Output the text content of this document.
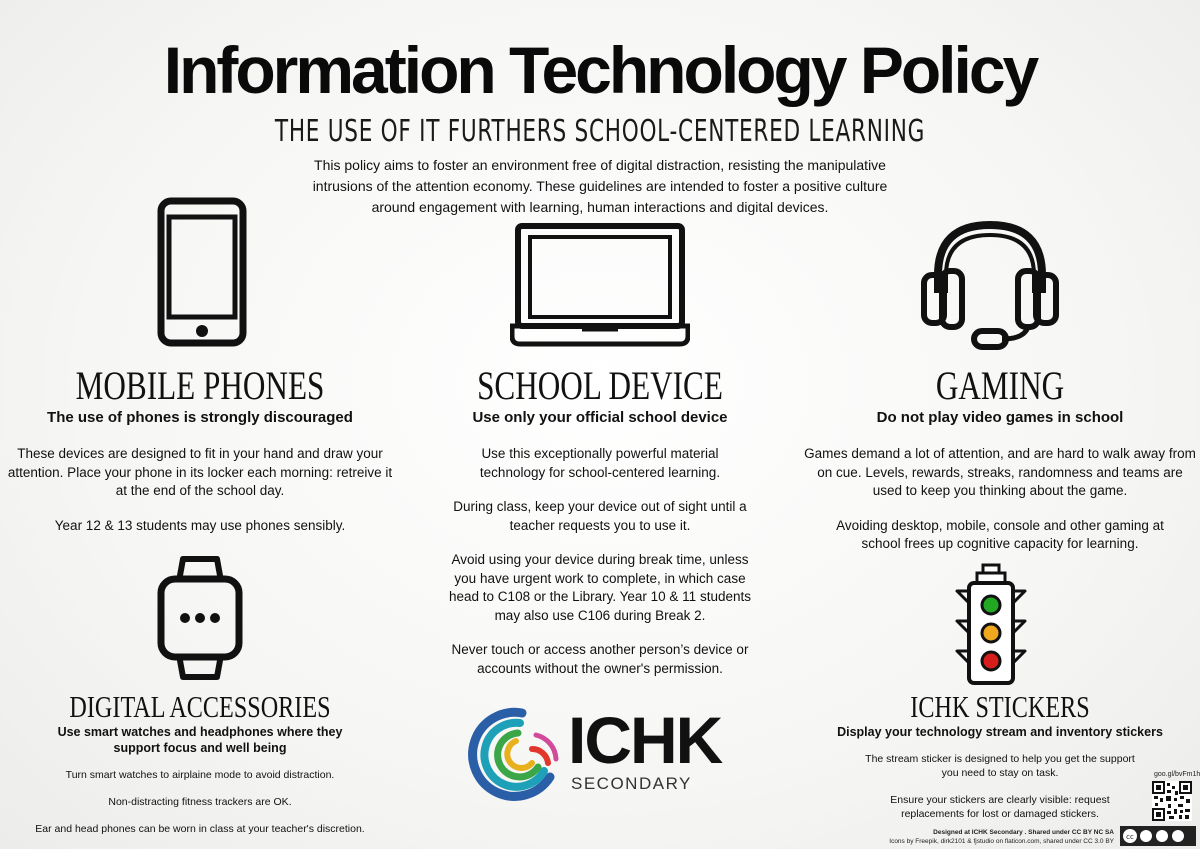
Information Technology Policy
THE USE OF IT FURTHERS SCHOOL-CENTERED LEARNING
This policy aims to foster an environment free of digital distraction, resisting the manipulative intrusions of the attention economy. These guidelines are intended to foster a positive culture around engagement with learning, human interactions and digital devices.
MOBILE PHONES
The use of phones is strongly discouraged

These devices are designed to fit in your hand and draw your attention. Place your phone in its locker each morning: retreive it at the end of the school day.

Year 12 & 13 students may use phones sensibly.

SCHOOL DEVICE
Use only your official school device

Use this exceptionally powerful material technology for school-centered learning.

During class, keep your device out of sight until a teacher requests you to use it.

Avoid using your device during break time, unless you have urgent work to complete, in which case head to C108 or the Library. Year 10 & 11 students may also use C106 during Break 2.

Never touch or access another person’s device or accounts without the owner's permission.

GAMING
Do not play video games in school

Games demand a lot of attention, and are hard to walk away from on cue. Levels, rewards, streaks, randomness and teams are used to keep you thinking about the game.

Avoiding desktop, mobile, console and other gaming at school frees up cognitive capacity for learning.

DIGITAL ACCESSORIES
Use smart watches and headphones where they support focus and well being

Turn smart watches to airplaine mode to avoid distraction.

Non-distracting fitness trackers are OK.

Ear and head phones can be worn in class at your teacher's discretion.

ICHK STICKERS
Display your technology stream and inventory stickers

The stream sticker is designed to help you get the support you need to stay on task.

Ensure your stickers are clearly visible: request replacements for lost or damaged stickers.

ICHK
SECONDARY	goo.gl/bvFm1h
cc
Designed at ICHK Secondary . Shared under CC BY NC SA
Icons by Freepik, dirk2101 & fjstudio on flaticon.com, shared under CC 3.0 BY
